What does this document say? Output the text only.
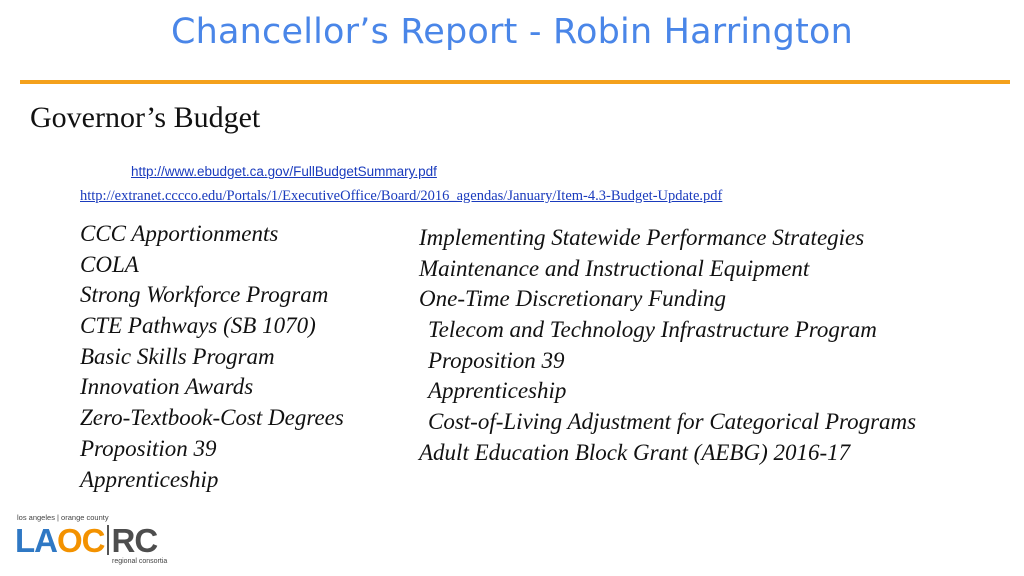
Chancellor’s Report - Robin Harrington
Governor’s Budget
http://www.ebudget.ca.gov/FullBudgetSummary.pdf
http://extranet.cccco.edu/Portals/1/ExecutiveOffice/Board/2016_agendas/January/Item-4.3-Budget-Update.pdf
CCC Apportionments
COLA
Strong Workforce Program
CTE Pathways (SB 1070)
Basic Skills Program
Innovation Awards
Zero-Textbook-Cost Degrees
Proposition 39
Apprenticeship
Implementing Statewide Performance Strategies
Maintenance and Instructional Equipment
One-Time Discretionary Funding
Telecom and Technology Infrastructure Program
Proposition 39
Apprenticeship
Cost-of-Living Adjustment for Categorical Programs
Adult Education Block Grant (AEBG) 2016-17
los angeles | orange county
LAOC RC
regional consortia
